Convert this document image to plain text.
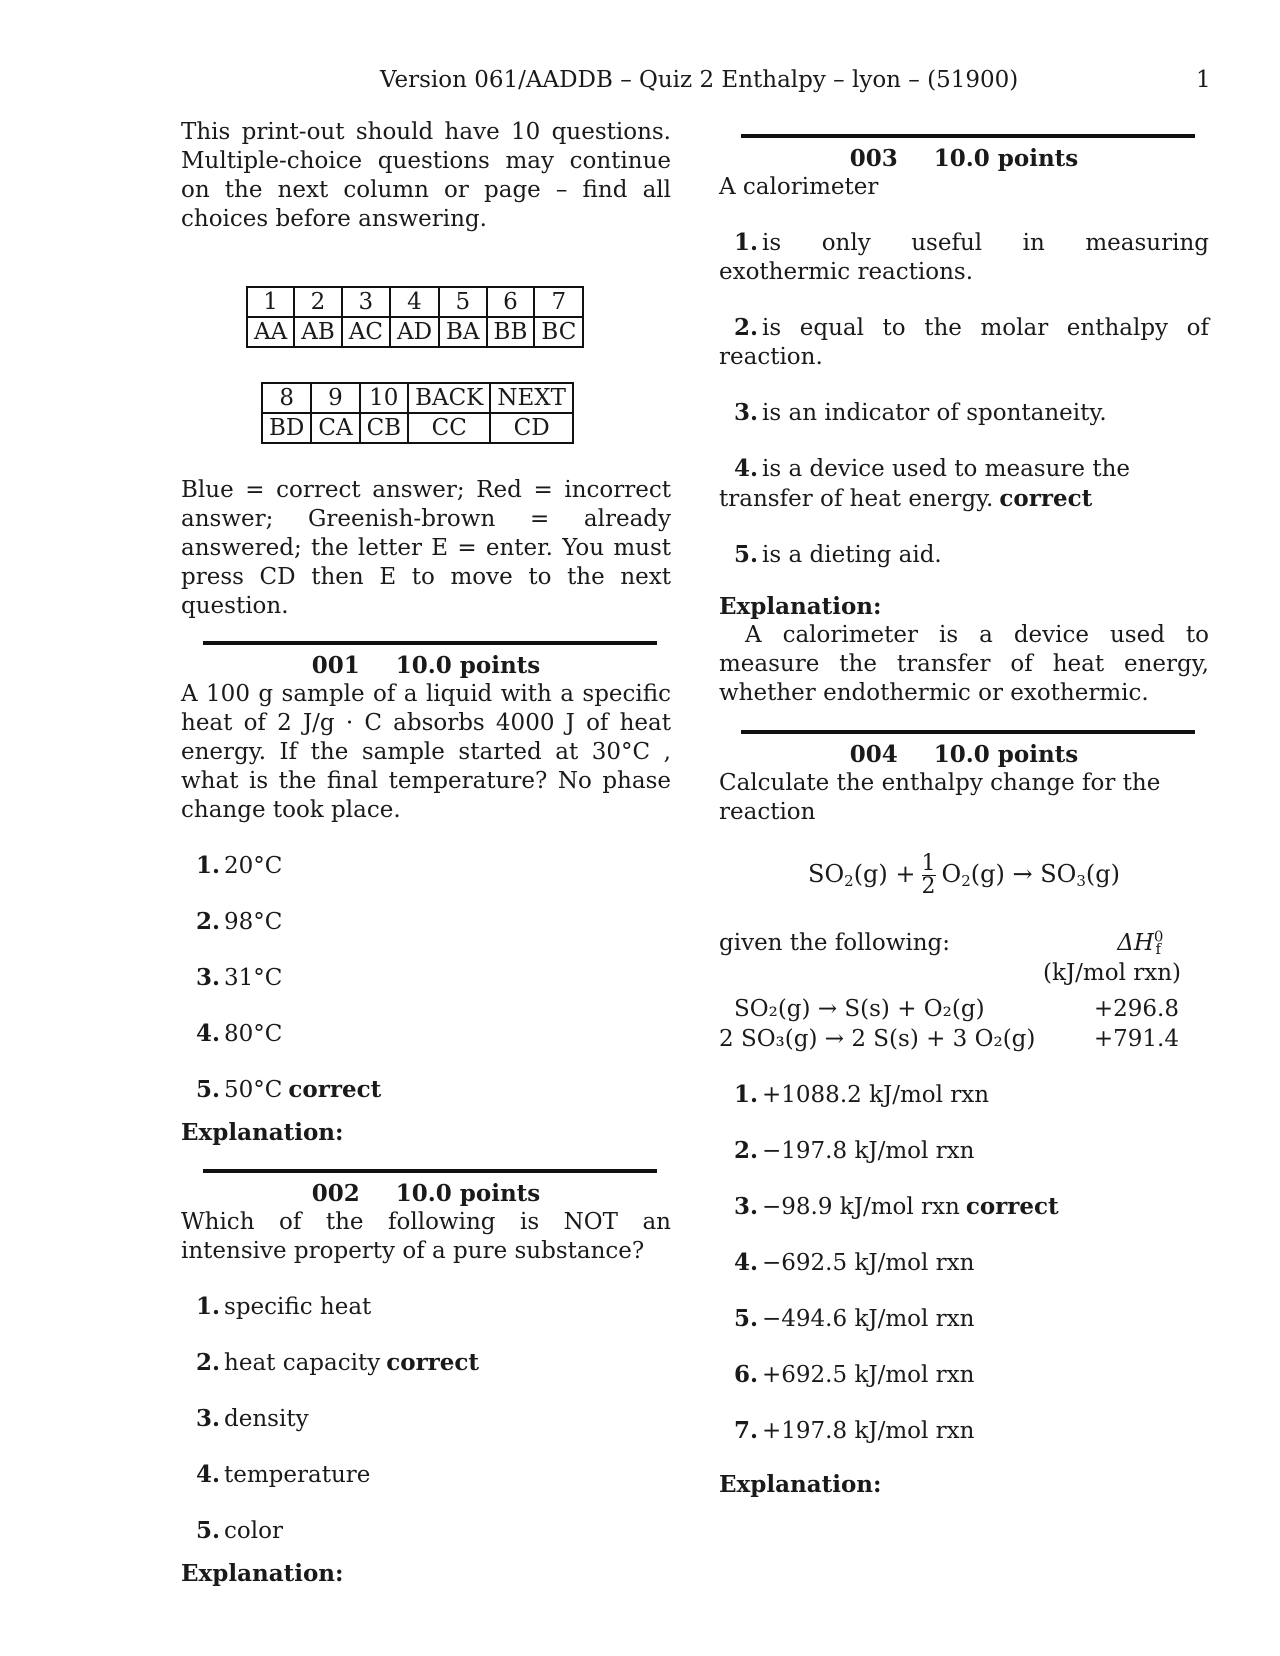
Version 061/AADDB – Quiz 2 Enthalpy – lyon – (51900)	1

This print-out should have 10 questions. Multiple-choice questions may continue on the next column or page – find all choices before answering.

1	2	3	4	5	6	7
AA	AB	AC	AD	BA	BB	BC
8	9	10	BACK	NEXT
BD	CA	CB	CC	CD

Blue = correct answer; Red = incorrect answer; Greenish-brown = already answered; the letter E = enter. You must press CD then E to move to the next question.

001 10.0 points

A 100 g sample of a liquid with a specific heat of 2 J/g · C absorbs 4000 J of heat energy. If the sample started at 30°C , what is the final temperature? No phase change took place.

1. 20°C
2. 98°C
3. 31°C
4. 80°C
5. 50°C correct

Explanation:

002 10.0 points

Which of the following is NOT an intensive property of a pure substance?

1. specific heat
2. heat capacity correct
3. density
4. temperature
5. color

Explanation:

003 10.0 points

A calorimeter

1. is only useful in measuring exothermic reactions.
2. is equal to the molar enthalpy of reaction.
3. is an indicator of spontaneity.
4. is a device used to measure the transfer of heat energy. correct
5. is a dieting aid.

Explanation:

A calorimeter is a device used to measure the transfer of heat energy, whether endothermic or exothermic.

004 10.0 points

Calculate the enthalpy change for the reaction

$SO_2(g) + \frac{1}{2} O_2(g) \to SO_3(g)$
given the following:	$\Delta H^0_f$
	(kJ/mol rxn)
SO₂(g) → S(s) + O₂(g)	+296.8
2 SO₃(g) → 2 S(s) + 3 O₂(g)	+791.4
1. +1088.2 kJ/mol rxn
2. −197.8 kJ/mol rxn
3. −98.9 kJ/mol rxn correct
4. −692.5 kJ/mol rxn
5. −494.6 kJ/mol rxn
6. +692.5 kJ/mol rxn
7. +197.8 kJ/mol rxn

Explanation:
